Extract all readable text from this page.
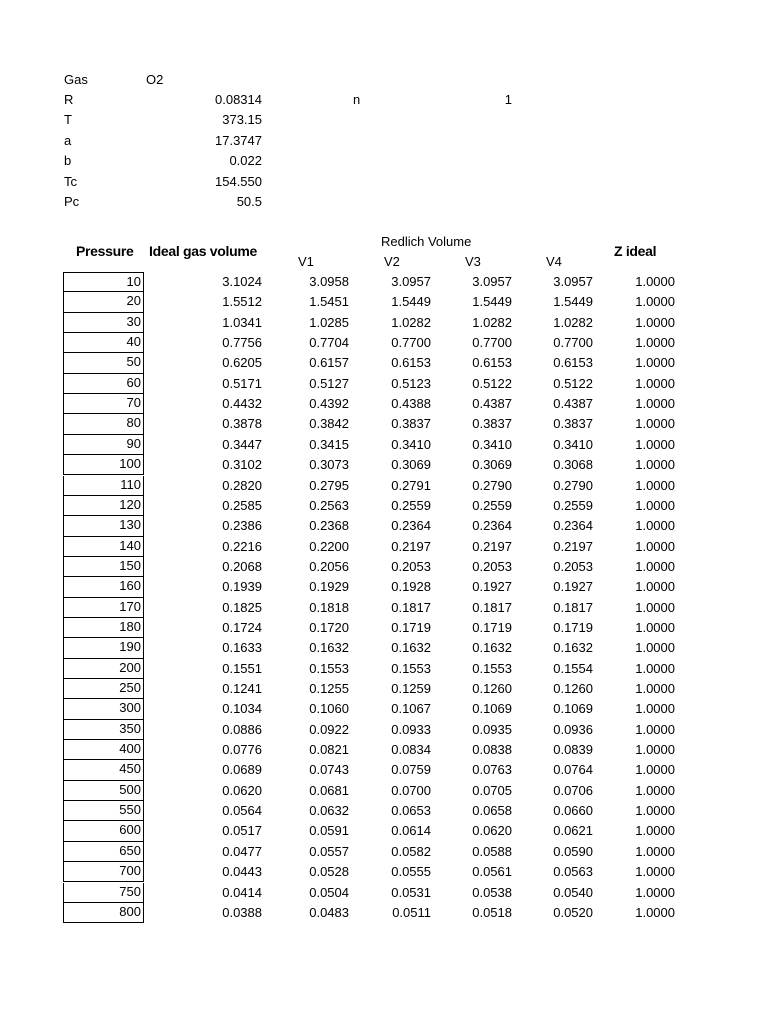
Gas	O2
R	0.08314
T	373.15
a	17.3747
b	0.022
Tc	154.550
Pc	50.5
n	1
Pressure Ideal gas volume
Redlich Volume
V1	V2	V3	V4
Z ideal
10	3.1024	3.0958	3.0957	3.0957	3.0957	1.0000
20	1.5512	1.5451	1.5449	1.5449	1.5449	1.0000
30	1.0341	1.0285	1.0282	1.0282	1.0282	1.0000
40	0.7756	0.7704	0.7700	0.7700	0.7700	1.0000
50	0.6205	0.6157	0.6153	0.6153	0.6153	1.0000
60	0.5171	0.5127	0.5123	0.5122	0.5122	1.0000
70	0.4432	0.4392	0.4388	0.4387	0.4387	1.0000
80	0.3878	0.3842	0.3837	0.3837	0.3837	1.0000
90	0.3447	0.3415	0.3410	0.3410	0.3410	1.0000
100	0.3102	0.3073	0.3069	0.3069	0.3068	1.0000
110	0.2820	0.2795	0.2791	0.2790	0.2790	1.0000
120	0.2585	0.2563	0.2559	0.2559	0.2559	1.0000
130	0.2386	0.2368	0.2364	0.2364	0.2364	1.0000
140	0.2216	0.2200	0.2197	0.2197	0.2197	1.0000
150	0.2068	0.2056	0.2053	0.2053	0.2053	1.0000
160	0.1939	0.1929	0.1928	0.1927	0.1927	1.0000
170	0.1825	0.1818	0.1817	0.1817	0.1817	1.0000
180	0.1724	0.1720	0.1719	0.1719	0.1719	1.0000
190	0.1633	0.1632	0.1632	0.1632	0.1632	1.0000
200	0.1551	0.1553	0.1553	0.1553	0.1554	1.0000
250	0.1241	0.1255	0.1259	0.1260	0.1260	1.0000
300	0.1034	0.1060	0.1067	0.1069	0.1069	1.0000
350	0.0886	0.0922	0.0933	0.0935	0.0936	1.0000
400	0.0776	0.0821	0.0834	0.0838	0.0839	1.0000
450	0.0689	0.0743	0.0759	0.0763	0.0764	1.0000
500	0.0620	0.0681	0.0700	0.0705	0.0706	1.0000
550	0.0564	0.0632	0.0653	0.0658	0.0660	1.0000
600	0.0517	0.0591	0.0614	0.0620	0.0621	1.0000
650	0.0477	0.0557	0.0582	0.0588	0.0590	1.0000
700	0.0443	0.0528	0.0555	0.0561	0.0563	1.0000
750	0.0414	0.0504	0.0531	0.0538	0.0540	1.0000
800	0.0388	0.0483	0.0511	0.0518	0.0520	1.0000
